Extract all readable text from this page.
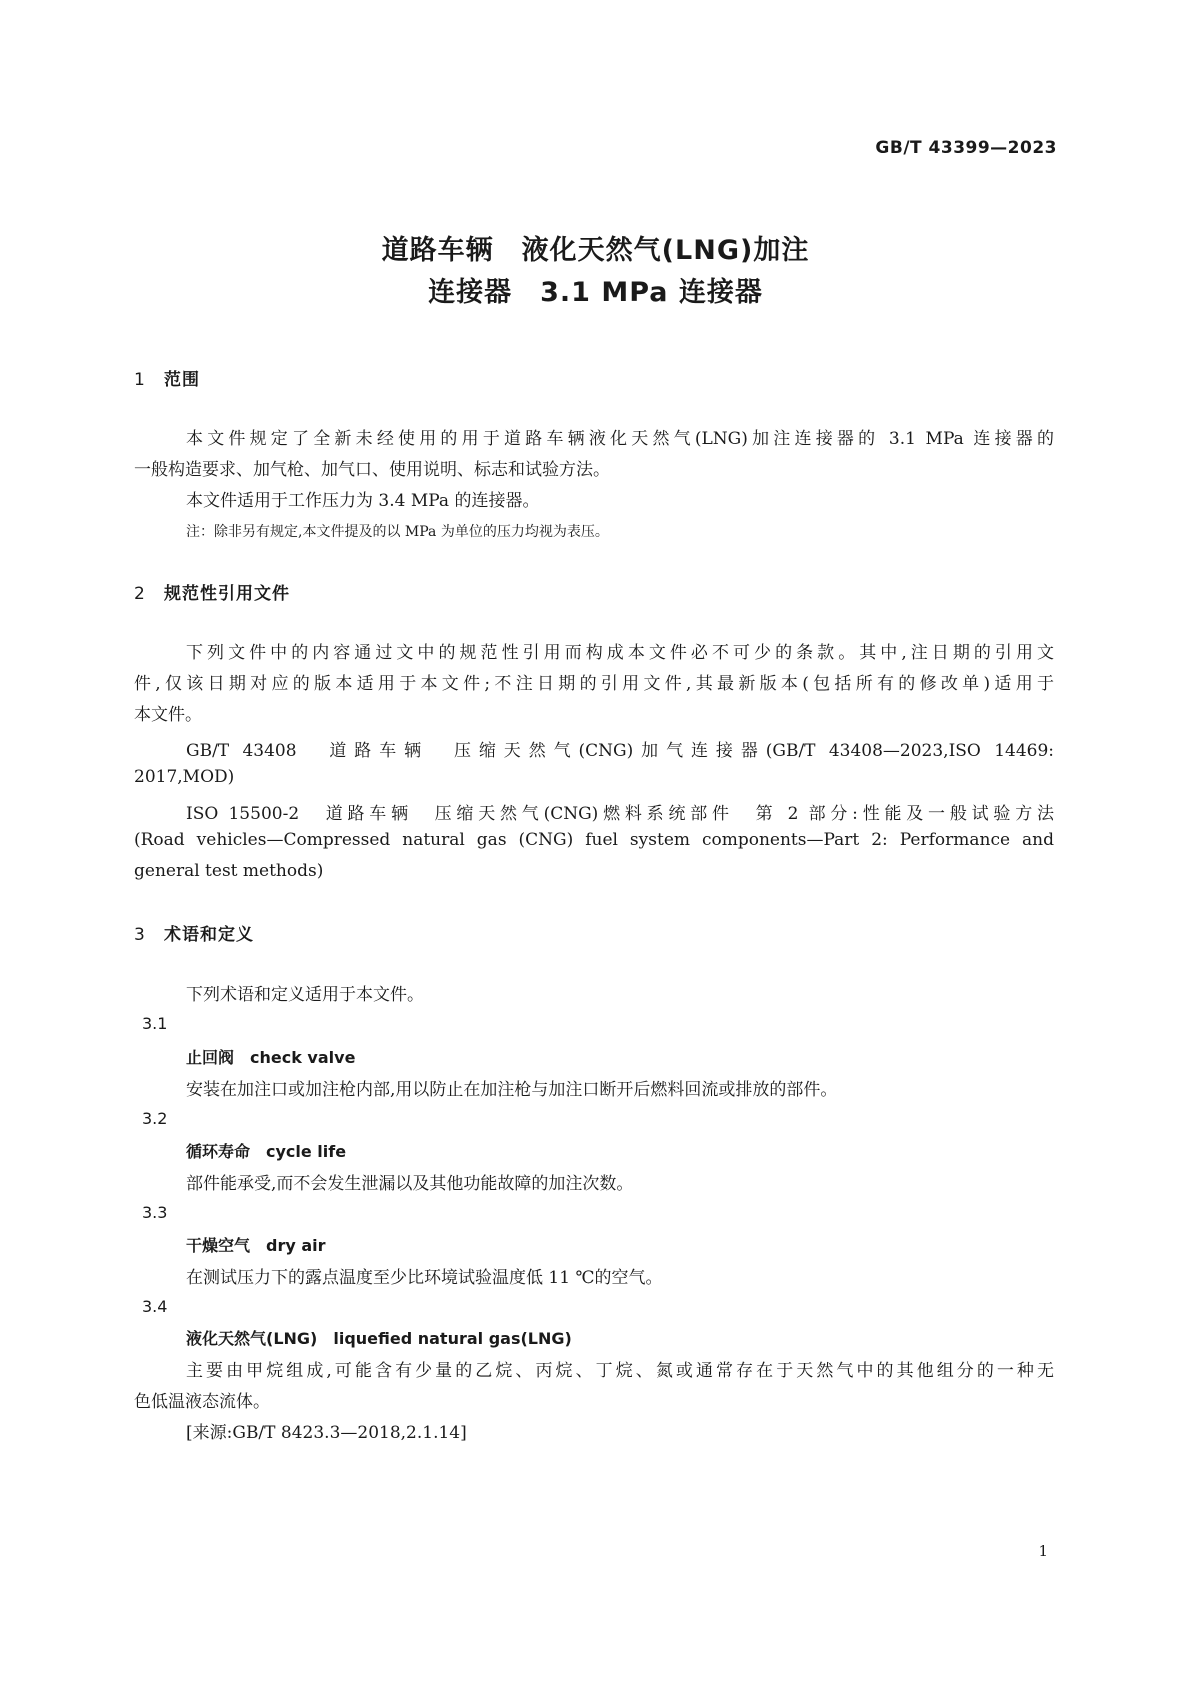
GB/T 43399—2023
道路车辆　液化天然气(LNG)加注
连接器　3.1 MPa 连接器
1 范围
本文件规定了全新未经使用的用于道路车辆液化天然气(LNG)加注连接器的 3.1 MPa 连接器的
一般构造要求、加气枪、加气口、使用说明、标志和试验方法。
本文件适用于工作压力为 3.4 MPa 的连接器。
注：除非另有规定,本文件提及的以 MPa 为单位的压力均视为表压。
2 规范性引用文件
下列文件中的内容通过文中的规范性引用而构成本文件必不可少的条款。其中,注日期的引用文
件,仅该日期对应的版本适用于本文件;不注日期的引用文件,其最新版本(包括所有的修改单)适用于
本文件。
GB/T 43408　道路车辆　压缩天然气(CNG)加气连接器(GB/T 43408—2023,ISO 14469:
2017,MOD)
ISO 15500-2　道路车辆　压缩天然气(CNG)燃料系统部件　第 2 部分:性能及一般试验方法
(Road vehicles—Compressed natural gas (CNG) fuel system components—Part 2: Performance and
general test methods)
3 术语和定义
下列术语和定义适用于本文件。
3.1
止回阀　check valve
安装在加注口或加注枪内部,用以防止在加注枪与加注口断开后燃料回流或排放的部件。
3.2
循环寿命　cycle life
部件能承受,而不会发生泄漏以及其他功能故障的加注次数。
3.3
干燥空气　dry air
在测试压力下的露点温度至少比环境试验温度低 11 ℃的空气。
3.4
液化天然气(LNG)　liquefied natural gas(LNG)
主要由甲烷组成,可能含有少量的乙烷、丙烷、丁烷、氮或通常存在于天然气中的其他组分的一种无
色低温液态流体。
[来源:GB/T 8423.3—2018,2.1.14]
1
